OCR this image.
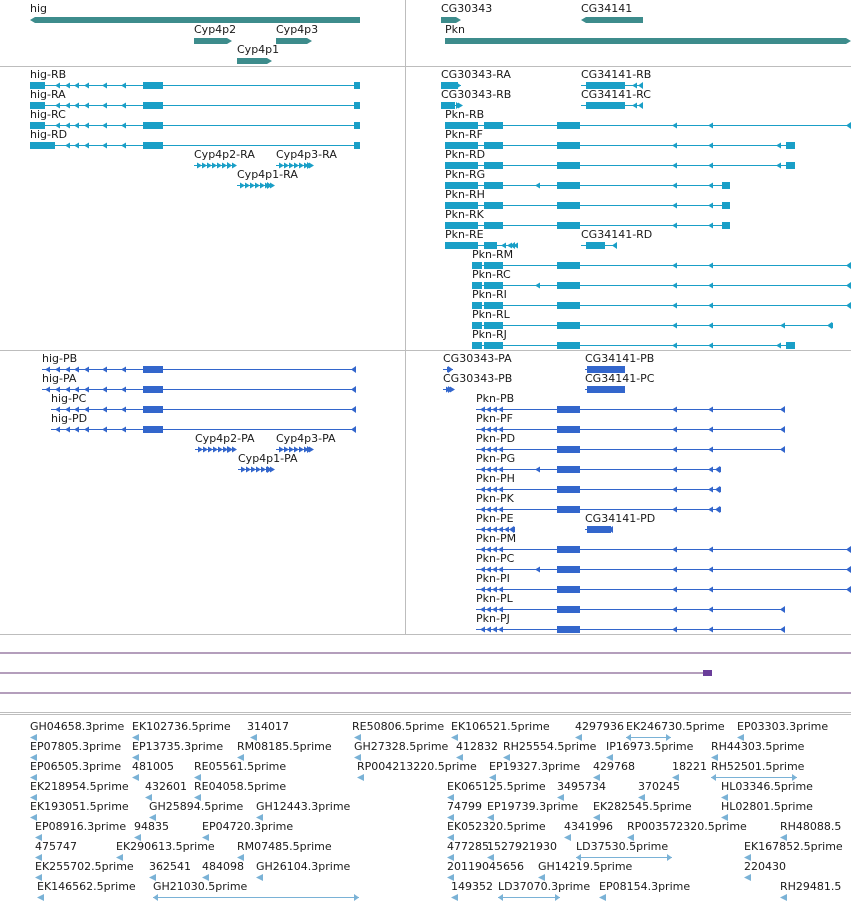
hig	CG30343	CG34141
Cyp4p2	Cyp4p3	Pkn
Cyp4p1
hig-RB
hig-RA
hig-RC
hig-RD
Cyp4p2-RA Cyp4p3-RA
Cyp4p1-RA
CG30343-RA
CG30343-RB
CG34141-RB
CG34141-RC
Pkn-RB
Pkn-RF
Pkn-RD
Pkn-RG
Pkn-RH
Pkn-RK
Pkn-RE	CG34141-RD
Pkn-RM
Pkn-RC
Pkn-RI
Pkn-RL
Pkn-RJ
hig-PB
hig-PA
hig-PC
hig-PD
Cyp4p2-PA Cyp4p3-PA
Cyp4p1-PA
CG30343-PA
CG30343-PB
CG34141-PB
CG34141-PC
Pkn-PB
Pkn-PF
Pkn-PD
Pkn-PG
Pkn-PH
Pkn-PK
Pkn-PE	CG34141-PD
Pkn-PM
Pkn-PC
Pkn-PI
Pkn-PL
Pkn-PJ
GH04658.3prime EK102736.5prime 314017	RE50806.5prime EK106521.5prime 4297936 EK246730.5prime EP03303.3prime
EP07805.3prime EP13735.3prime RM08185.5prime GH27328.5prime 412832 RH25554.5prime IP16973.5prime RH44303.5prime
EP06505.3prime 481005 RE05561.5prime	RP004213220.5prime EP19327.3prime 429768	18221 RH52501.5prime
EK218954.5prime 432601 RE04058.5prime	EK065125.5prime 3495734	370245	HL03346.5prime
EK193051.5prime GH25894.5prime GH12443.3prime	74799 EP19739.3prime EK282545.5prime	HL02801.5prime
EP08916.3prime 94835	EP04720.3prime	EK052320.5prime 4341996 RP003572320.5prime	RH48088.5
475747	EK290613.5prime RM07485.5prime	477285
1527921930 LD37530.5prime	EK167852.5prime
EK255702.5prime 362541 484098 GH26104.3prime	20119045656 GH14219.5prime	220430
EK146562.5prime GH21030.5prime	149352 LD37070.3prime EP08154.3prime	RH29481.5
